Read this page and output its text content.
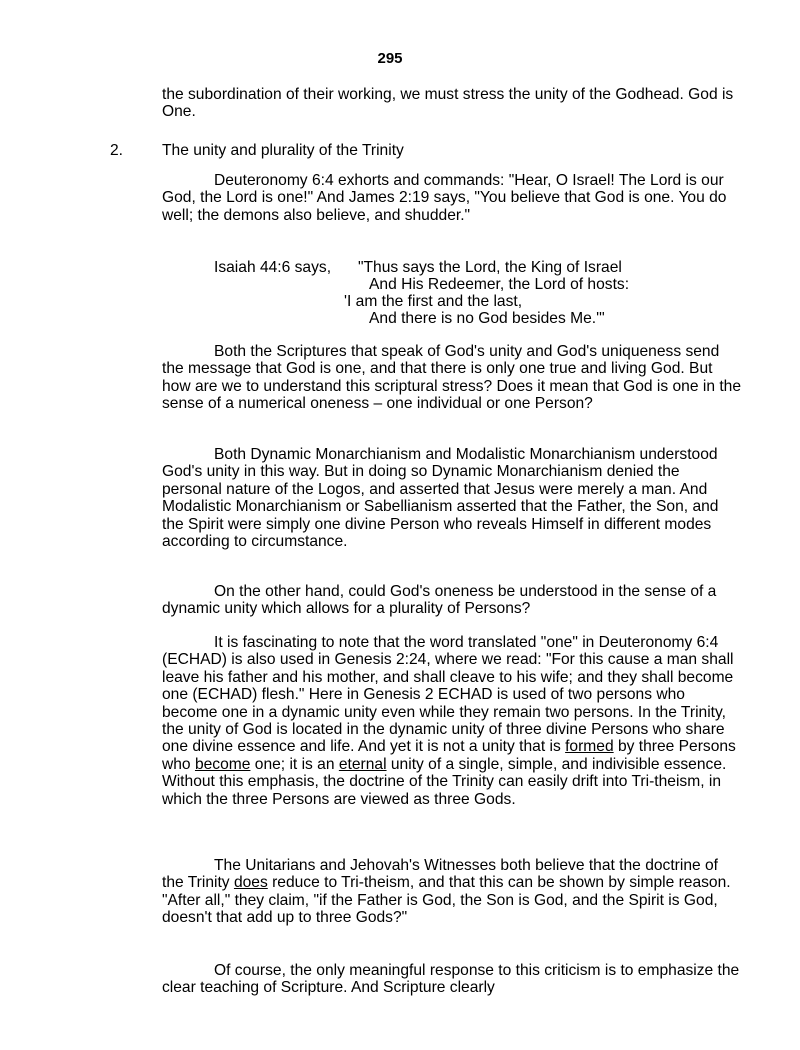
295
the subordination of their working, we must stress the unity of the Godhead. God is One.
2. The unity and plurality of the Trinity
Deuteronomy 6:4 exhorts and commands: "Hear, O Israel! The Lord is our God, the Lord is one!" And James 2:19 says, "You believe that God is one. You do well; the demons also believe, and shudder."
Isaiah 44:6 says, "Thus says the Lord, the King of Israel
And His Redeemer, the Lord of hosts:
'I am the first and the last,
And there is no God besides Me.'"
Both the Scriptures that speak of God's unity and God's uniqueness send the message that God is one, and that there is only one true and living God. But how are we to understand this scriptural stress? Does it mean that God is one in the sense of a numerical oneness – one individual or one Person?
Both Dynamic Monarchianism and Modalistic Monarchianism understood God's unity in this way. But in doing so Dynamic Monarchianism denied the personal nature of the Logos, and asserted that Jesus were merely a man. And Modalistic Monarchianism or Sabellianism asserted that the Father, the Son, and the Spirit were simply one divine Person who reveals Himself in different modes according to circumstance.
On the other hand, could God's oneness be understood in the sense of a dynamic unity which allows for a plurality of Persons?
It is fascinating to note that the word translated "one" in Deuteronomy 6:4 (ECHAD) is also used in Genesis 2:24, where we read: "For this cause a man shall leave his father and his mother, and shall cleave to his wife; and they shall become one (ECHAD) flesh." Here in Genesis 2 ECHAD is used of two persons who become one in a dynamic unity even while they remain two persons. In the Trinity, the unity of God is located in the dynamic unity of three divine Persons who share one divine essence and life. And yet it is not a unity that is formed by three Persons who become one; it is an eternal unity of a single, simple, and indivisible essence. Without this emphasis, the doctrine of the Trinity can easily drift into Tri-theism, in which the three Persons are viewed as three Gods.
The Unitarians and Jehovah's Witnesses both believe that the doctrine of the Trinity does reduce to Tri-theism, and that this can be shown by simple reason. "After all," they claim, "if the Father is God, the Son is God, and the Spirit is God, doesn't that add up to three Gods?"
Of course, the only meaningful response to this criticism is to emphasize the clear teaching of Scripture. And Scripture clearly
